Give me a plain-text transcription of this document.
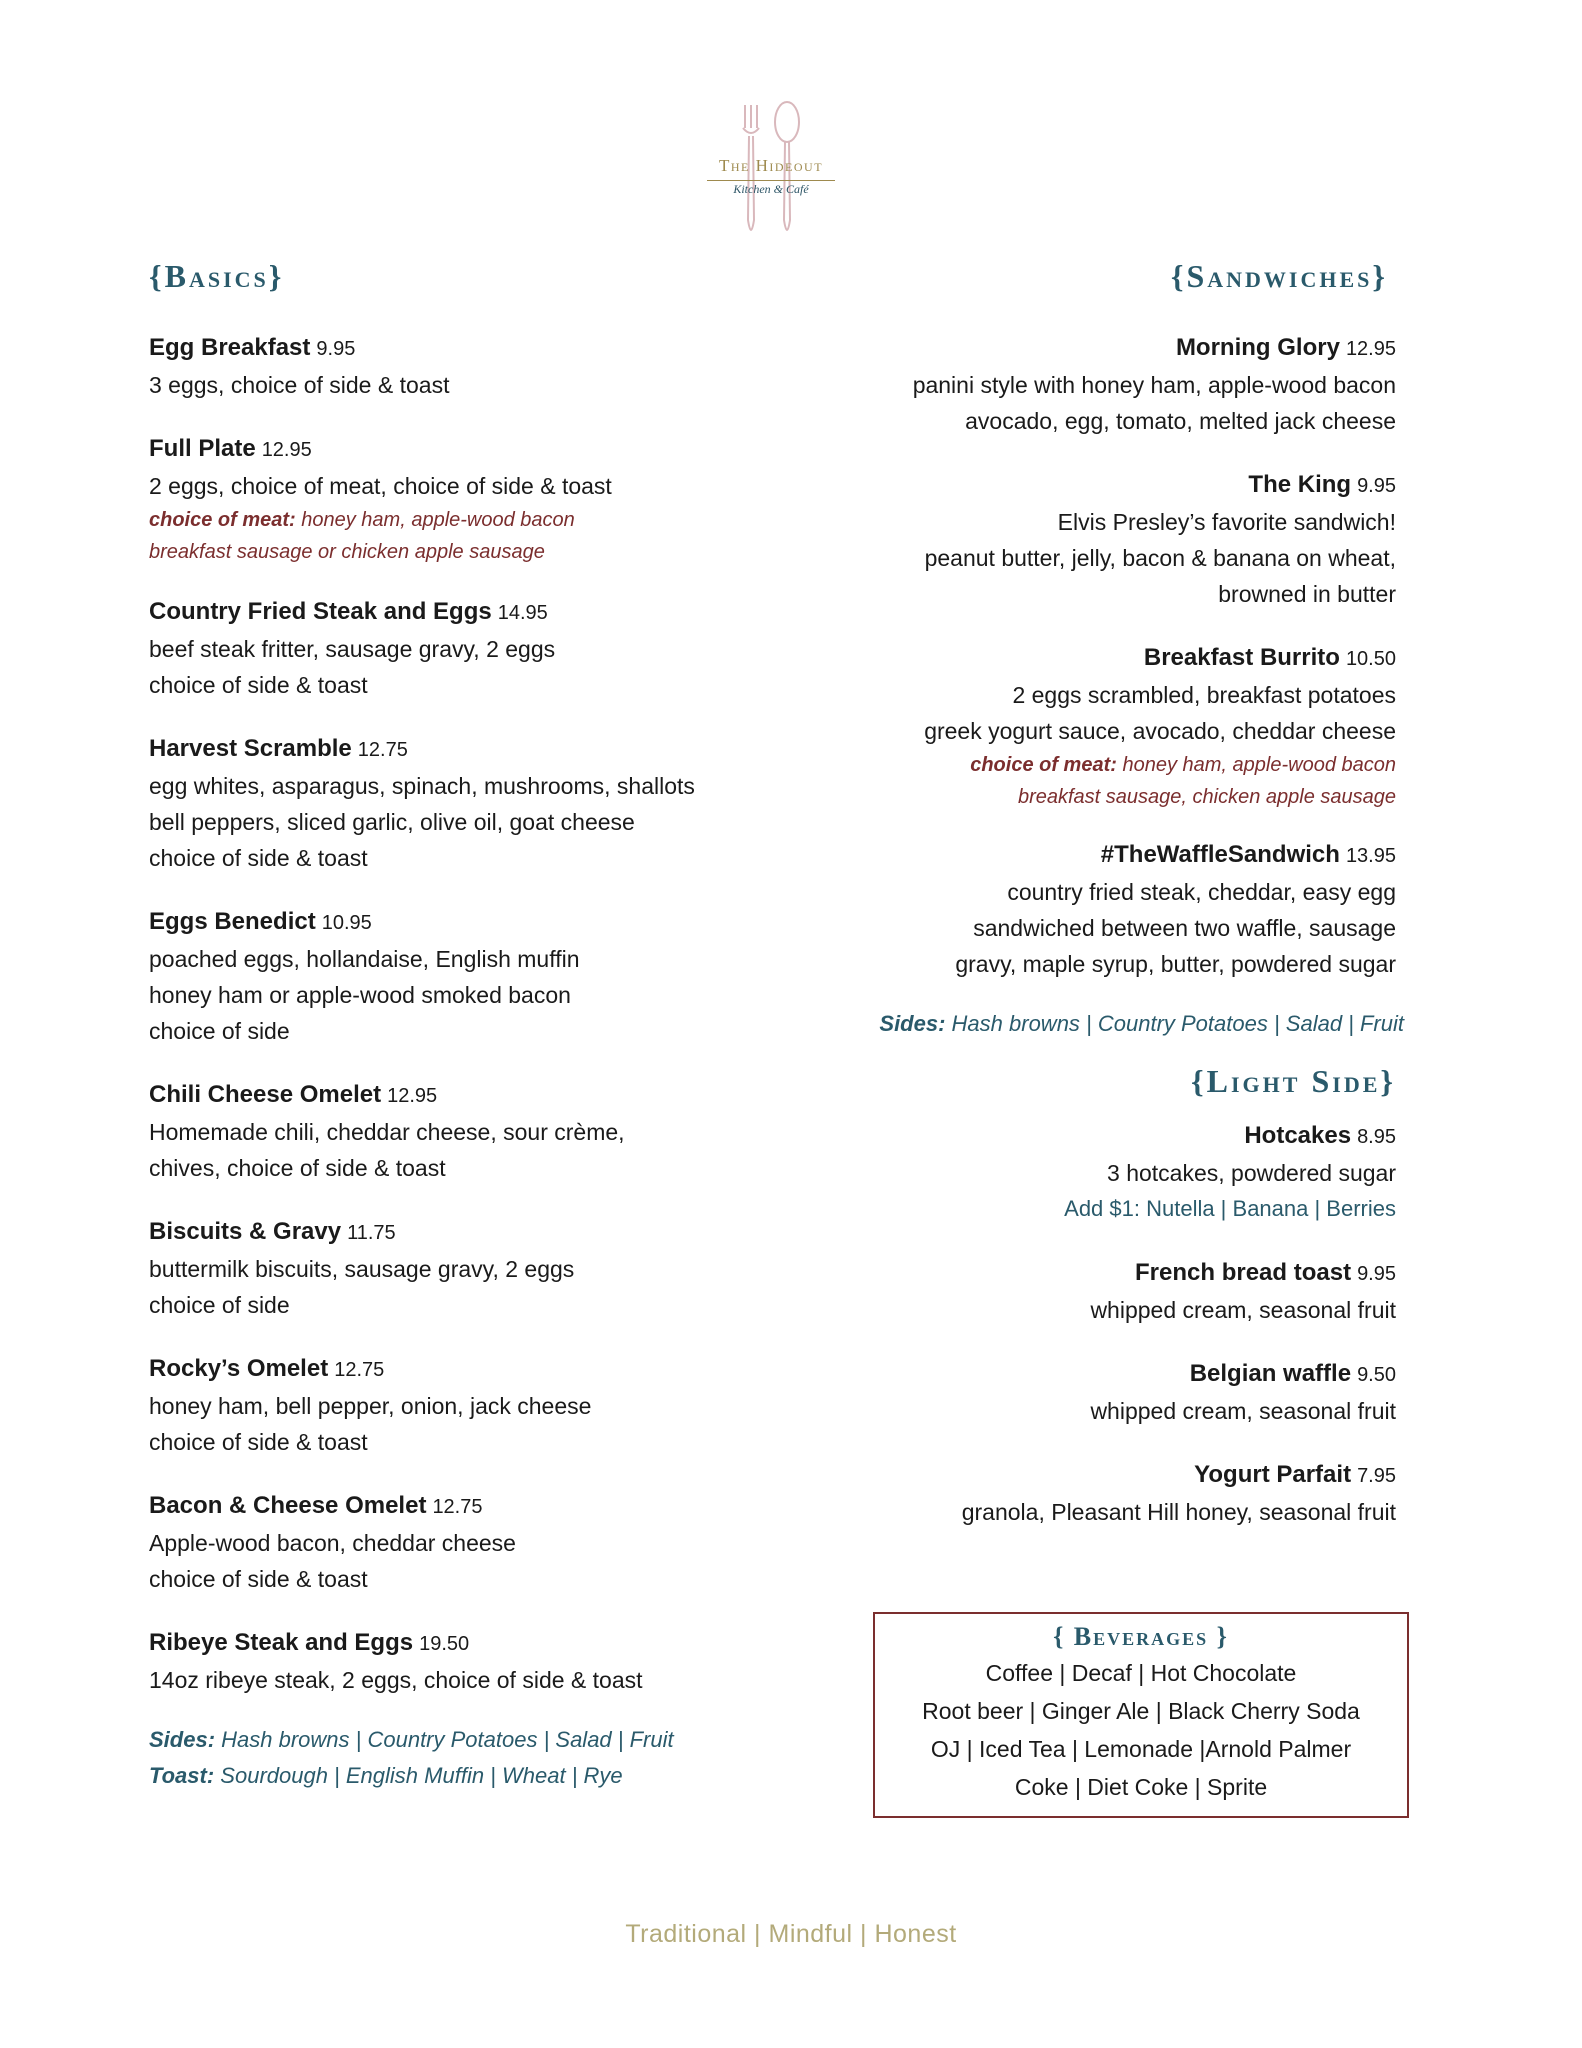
The Hideout
Kitchen & Café
{Basics}	{Sandwiches}
Egg Breakfast 9.95
3 eggs, choice of side & toast
Full Plate 12.95
2 eggs, choice of meat, choice of side & toast
choice of meat: honey ham, apple-wood bacon
breakfast sausage or chicken apple sausage
Country Fried Steak and Eggs 14.95
beef steak fritter, sausage gravy, 2 eggs
choice of side & toast
Harvest Scramble 12.75
egg whites, asparagus, spinach, mushrooms, shallots
bell peppers, sliced garlic, olive oil, goat cheese
choice of side & toast
Eggs Benedict 10.95
poached eggs, hollandaise, English muffin
honey ham or apple-wood smoked bacon
choice of side
Chili Cheese Omelet 12.95
Homemade chili, cheddar cheese, sour crème,
chives, choice of side & toast
Biscuits & Gravy 11.75
buttermilk biscuits, sausage gravy, 2 eggs
choice of side
Rocky’s Omelet 12.75
honey ham, bell pepper, onion, jack cheese
choice of side & toast
Bacon & Cheese Omelet 12.75
Apple-wood bacon, cheddar cheese
choice of side & toast
Ribeye Steak and Eggs 19.50
14oz ribeye steak, 2 eggs, choice of side & toast
Sides: Hash browns | Country Potatoes | Salad | Fruit
Toast: Sourdough | English Muffin | Wheat | Rye
Morning Glory 12.95
panini style with honey ham, apple-wood bacon
avocado, egg, tomato, melted jack cheese
The King 9.95
Elvis Presley’s favorite sandwich!
peanut butter, jelly, bacon & banana on wheat,
browned in butter
Breakfast Burrito 10.50
2 eggs scrambled, breakfast potatoes
greek yogurt sauce, avocado, cheddar cheese
choice of meat: honey ham, apple-wood bacon
breakfast sausage, chicken apple sausage
#TheWaffleSandwich 13.95
country fried steak, cheddar, easy egg
sandwiched between two waffle, sausage
gravy, maple syrup, butter, powdered sugar
Sides: Hash browns | Country Potatoes | Salad | Fruit
{Light Side}
Hotcakes 8.95
3 hotcakes, powdered sugar
Add $1: Nutella | Banana | Berries
French bread toast 9.95
whipped cream, seasonal fruit
Belgian waffle 9.50
whipped cream, seasonal fruit
Yogurt Parfait 7.95
granola, Pleasant Hill honey, seasonal fruit
{ Beverages }
Coffee | Decaf | Hot Chocolate
Root beer | Ginger Ale | Black Cherry Soda
OJ | Iced Tea | Lemonade |Arnold Palmer
Coke | Diet Coke | Sprite
Traditional | Mindful | Honest
